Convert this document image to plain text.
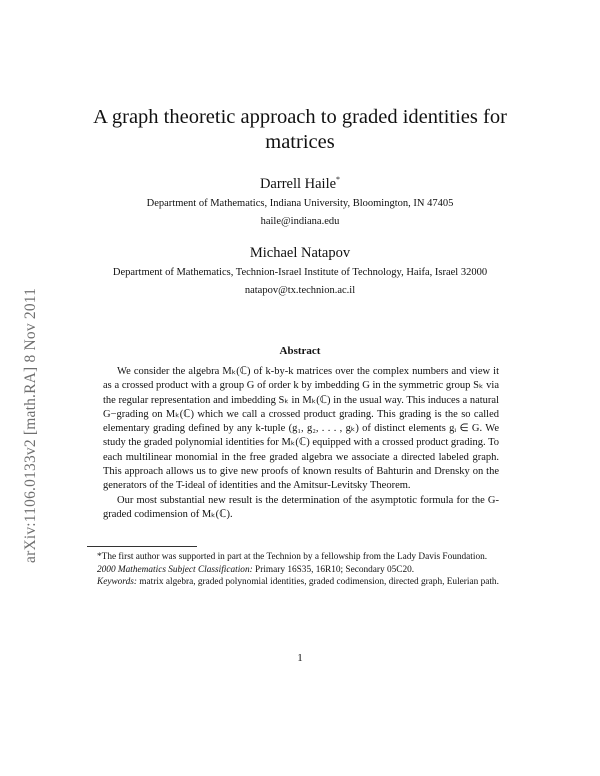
arXiv:1106.0133v2 [math.RA] 8 Nov 2011
A graph theoretic approach to graded identities for matrices
Darrell Haile*
Department of Mathematics, Indiana University, Bloomington, IN 47405
haile@indiana.edu
Michael Natapov
Department of Mathematics, Technion-Israel Institute of Technology, Haifa, Israel 32000
natapov@tx.technion.ac.il
Abstract

We consider the algebra Mₖ(ℂ) of k-by-k matrices over the complex numbers and view it as a crossed product with a group G of order k by imbedding G in the symmetric group Sₖ via the regular representation and imbedding Sₖ in Mₖ(ℂ) in the usual way. This induces a natural G−grading on Mₖ(ℂ) which we call a crossed product grading. This grading is the so called elementary grading defined by any k-tuple (g₁, g₂, . . . , gₖ) of distinct elements gᵢ ∈ G. We study the graded polynomial identities for Mₖ(ℂ) equipped with a crossed product grading. To each multilinear monomial in the free graded algebra we associate a directed labeled graph. This approach allows us to give new proofs of known results of Bahturin and Drensky on the generators of the T-ideal of identities and the Amitsur-Levitsky Theorem.

Our most substantial new result is the determination of the asymptotic formula for the G-graded codimension of Mₖ(ℂ).

*The first author was supported in part at the Technion by a fellowship from the Lady Davis Foundation.

2000 Mathematics Subject Classification: Primary 16S35, 16R10; Secondary 05C20.

Keywords: matrix algebra, graded polynomial identities, graded codimension, directed graph, Eulerian path.

1
